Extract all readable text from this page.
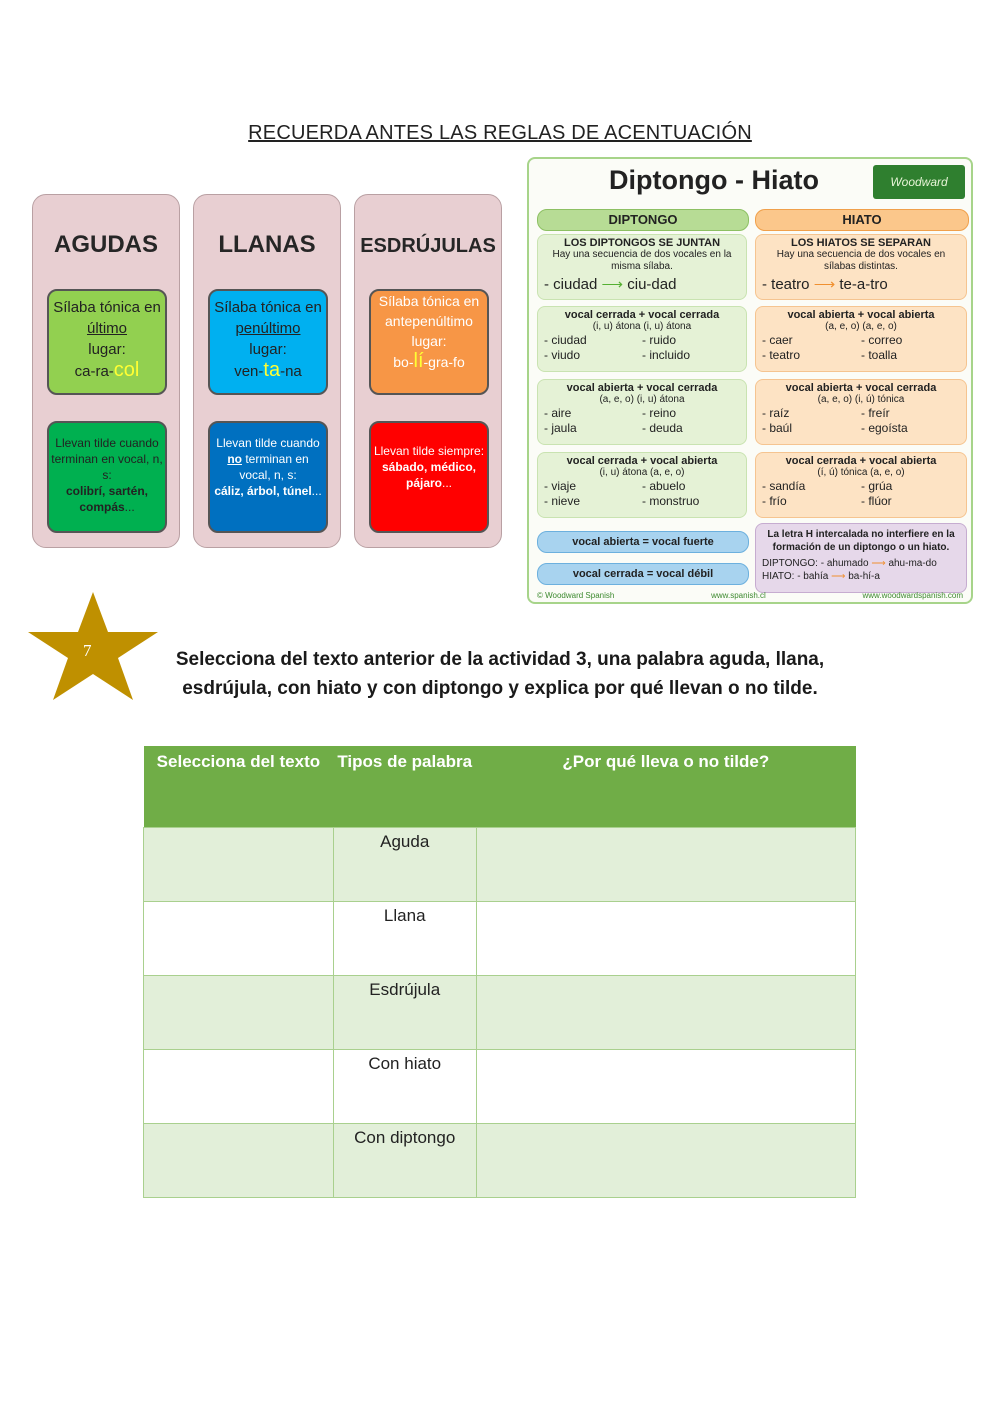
RECUERDA ANTES LAS REGLAS DE ACENTUACIÓN
AGUDAS
Sílaba tónica en último
lugar:
ca-ra-col
Llevan tilde cuando terminan en vocal, n, s:
colibrí, sartén, compás...
LLANAS
Sílaba tónica en penúltimo
lugar:
ven-ta-na
Llevan tilde cuando no terminan en vocal, n, s:
cáliz, árbol, túnel...
ESDRÚJULAS
Sílaba tónica en antepenúltimo lugar:
bo-lí-gra-fo
Llevan tilde siempre:
sábado, médico, pájaro...
Diptongo - Hiato	Woodward
DIPTONGO	HIATO
LOS DIPTONGOS SE JUNTAN
Hay una secuencia de dos vocales en la misma sílaba.
- ciudad ⟶ ciu-dad
LOS HIATOS SE SEPARAN
Hay una secuencia de dos vocales en sílabas distintas.
- teatro ⟶ te-a-tro
vocal cerrada + vocal cerrada
(i, u) átona (i, u) átona
- ciudad	- ruido
- viudo	- incluido
vocal abierta + vocal cerrada
(a, e, o) (i, u) átona
- aire	- reino
- jaula	- deuda
vocal cerrada + vocal abierta
(i, u) átona (a, e, o)
- viaje	- abuelo
- nieve	- monstruo
vocal abierta + vocal abierta
(a, e, o) (a, e, o)
- caer	- correo
- teatro	- toalla
vocal abierta + vocal cerrada
(a, e, o) (i, ú) tónica
- raíz	- freír
- baúl	- egoísta
vocal cerrada + vocal abierta
(í, ú) tónica (a, e, o)
- sandía	- grúa
- frío	- flúor
vocal abierta = vocal fuerte
vocal cerrada = vocal débil
La letra H intercalada no interfiere en la formación de un diptongo o un hiato.
DIPTONGO: - ahumado ⟶ ahu-ma-do
HIATO: - bahía ⟶ ba-hí-a
© Woodward Spanish	www.spanish.cl	www.woodwardspanish.com
7	Selecciona del texto anterior de la actividad 3, una palabra aguda, llana, esdrújula, con hiato y con diptongo y explica por qué llevan o no tilde.
Selecciona del texto	Tipos de palabra	¿Por qué lleva o no tilde?
	Aguda	
	Llana	
	Esdrújula	
	Con hiato	
	Con diptongo	
